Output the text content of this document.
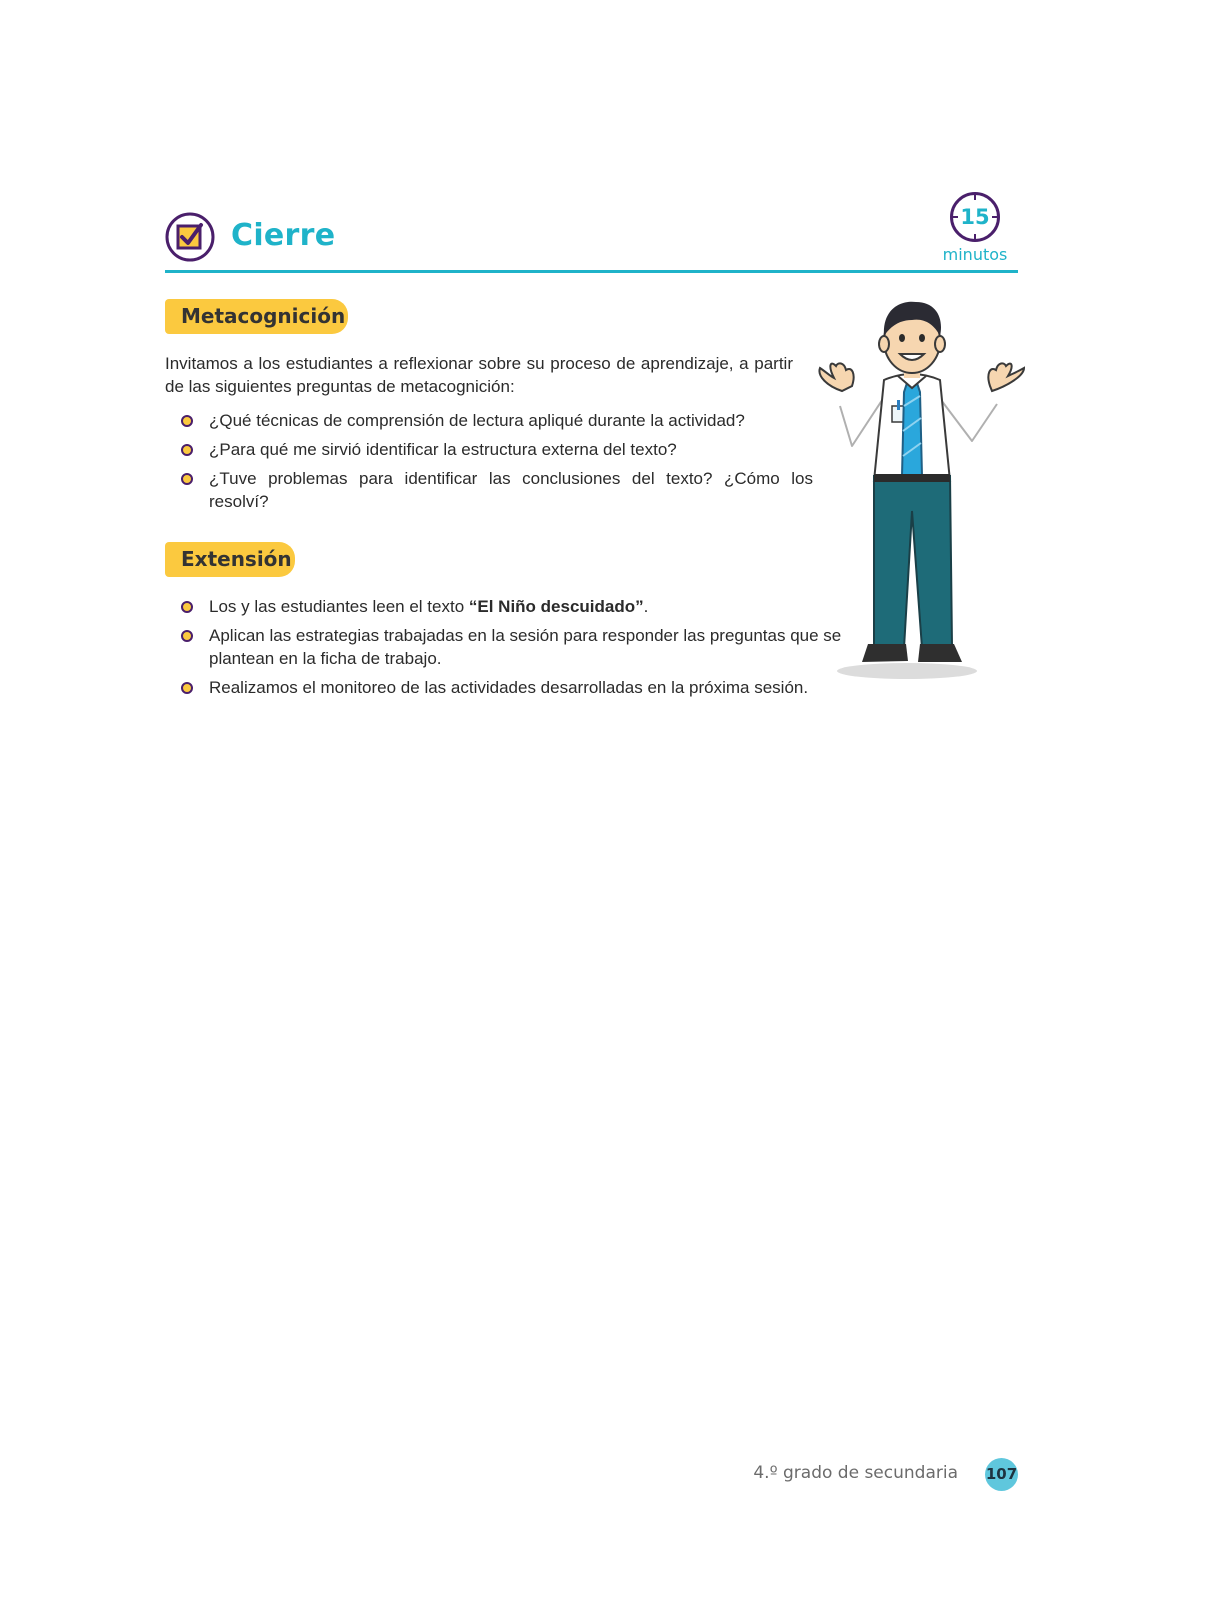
Cierre
15
minutos
Metacognición

Invitamos a los estudiantes a reflexionar sobre su proceso de aprendizaje, a partir de las siguientes preguntas de metacognición:

¿Qué técnicas de comprensión de lectura apliqué durante la actividad?
¿Para qué me sirvió identificar la estructura externa del texto?
¿Tuve problemas para identificar las conclusiones del texto? ¿Cómo los resolví?
Extensión
Los y las estudiantes leen el texto “El Niño descuidado”.
Aplican las estrategias trabajadas en la sesión para responder las preguntas que se plantean en la ficha de trabajo.
Realizamos el monitoreo de las actividades desarrolladas en la próxima sesión.
4.º grado de secundaria 107
